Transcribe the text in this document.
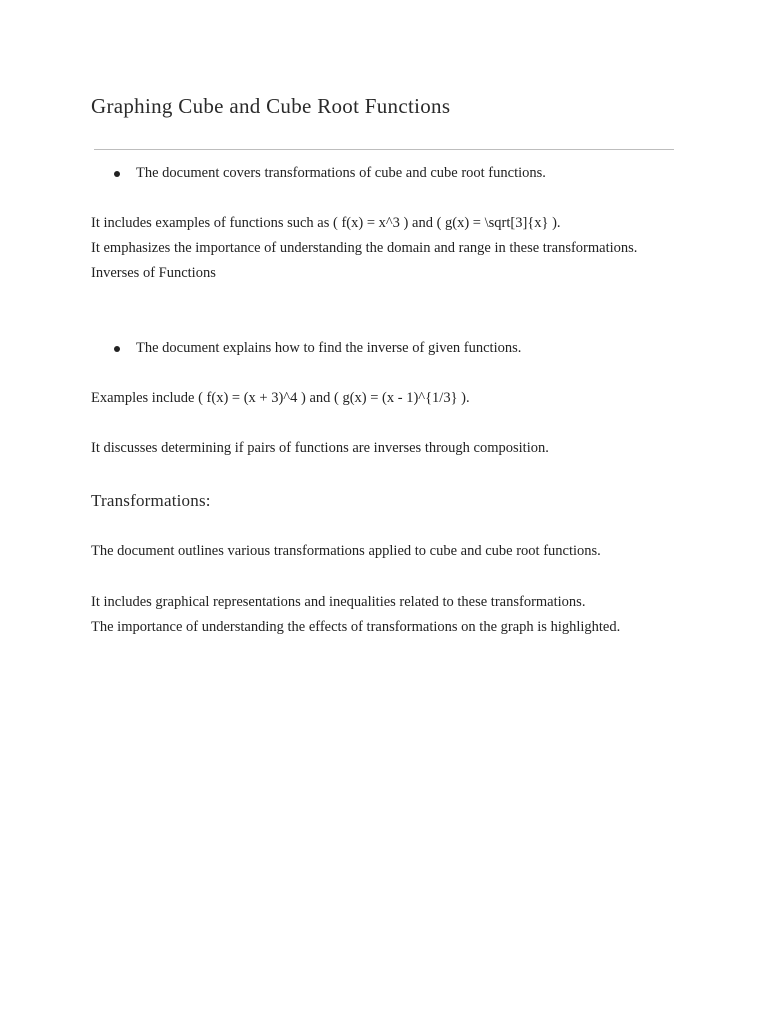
Graphing Cube and Cube Root Functions
The document covers transformations of cube and cube root functions.

It includes examples of functions such as ( f(x) = x^3 ) and ( g(x) = \sqrt[3]{x} ).

It emphasizes the importance of understanding the domain and range in these transformations.

Inverses of Functions

The document explains how to find the inverse of given functions.

Examples include ( f(x) = (x + 3)^4 ) and ( g(x) = (x - 1)^{1/3} ).

It discusses determining if pairs of functions are inverses through composition.

Transformations:

The document outlines various transformations applied to cube and cube root functions.

It includes graphical representations and inequalities related to these transformations.

The importance of understanding the effects of transformations on the graph is highlighted.
